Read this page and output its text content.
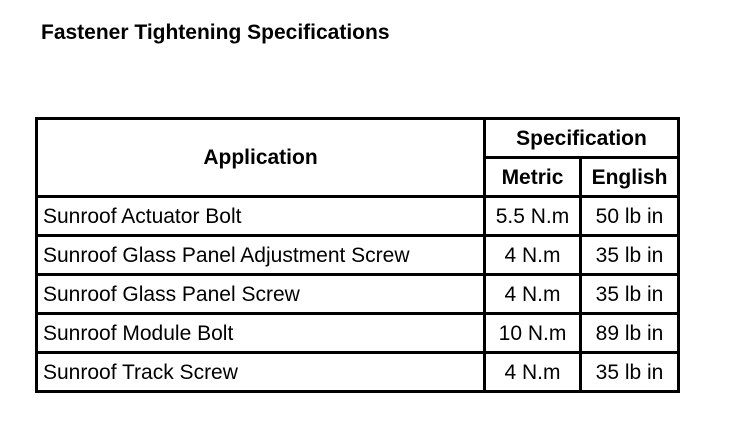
Fastener Tightening Specifications
Application	Specification	
	Metric	English
Sunroof Actuator Bolt	5.5 N.m	50 lb in
Sunroof Glass Panel Adjustment Screw	4 N.m	35 lb in
Sunroof Glass Panel Screw	4 N.m	35 lb in
Sunroof Module Bolt	10 N.m	89 lb in
Sunroof Track Screw	4 N.m	35 lb in
